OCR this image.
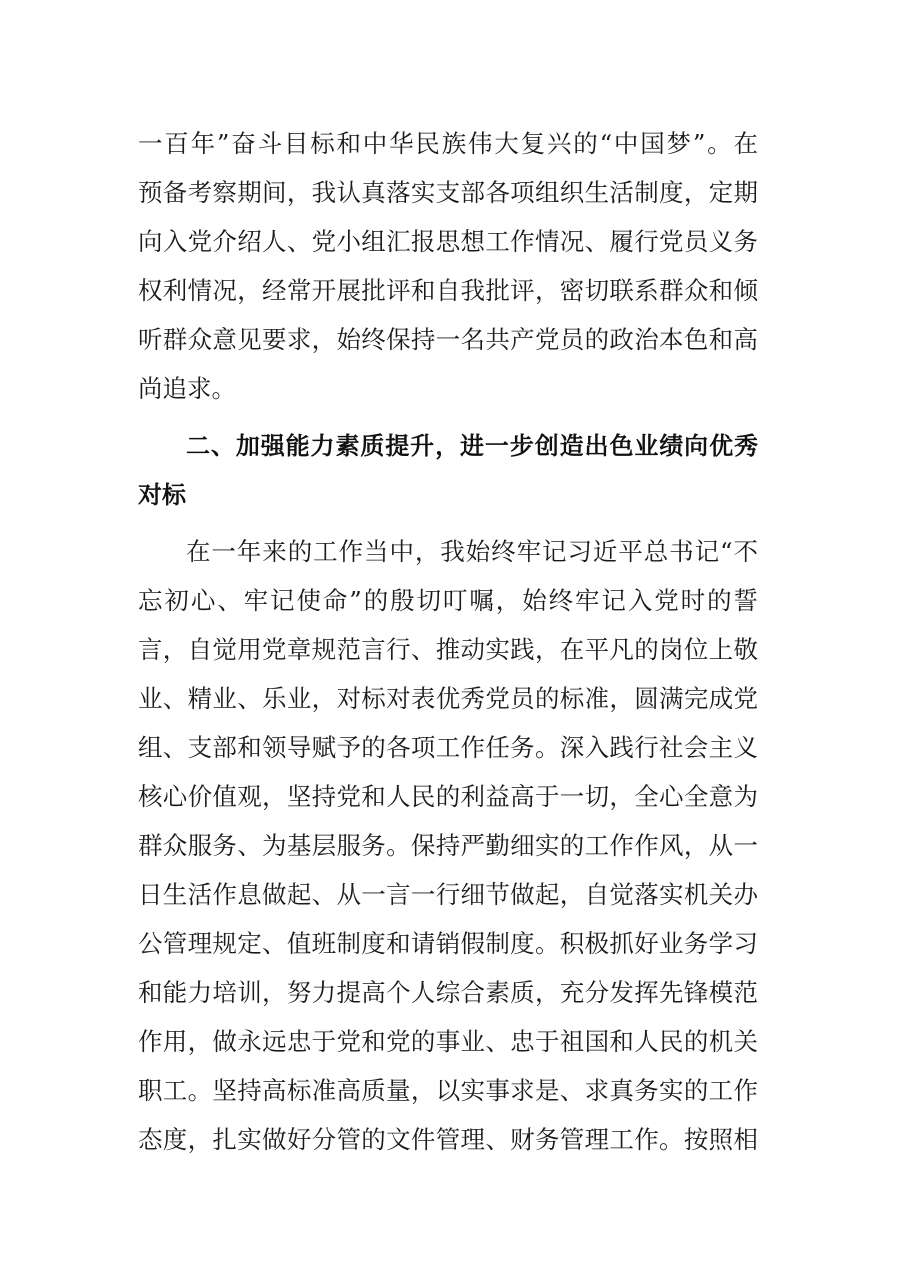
一百年”奋斗目标和中华民族伟大复兴的“中国梦”。在
预备考察期间，我认真落实支部各项组织生活制度，定期
向入党介绍人、党小组汇报思想工作情况、履行党员义务
权利情况，经常开展批评和自我批评，密切联系群众和倾
听群众意见要求，始终保持一名共产党员的政治本色和高
尚追求。
二、加强能力素质提升，进一步创造出色业绩向优秀
对标
在一年来的工作当中，我始终牢记习近平总书记“不
忘初心、牢记使命”的殷切叮嘱，始终牢记入党时的誓
言，自觉用党章规范言行、推动实践，在平凡的岗位上敬
业、精业、乐业，对标对表优秀党员的标准，圆满完成党
组、支部和领导赋予的各项工作任务。深入践行社会主义
核心价值观，坚持党和人民的利益高于一切，全心全意为
群众服务、为基层服务。保持严勤细实的工作作风，从一
日生活作息做起、从一言一行细节做起，自觉落实机关办
公管理规定、值班制度和请销假制度。积极抓好业务学习
和能力培训，努力提高个人综合素质，充分发挥先锋模范
作用，做永远忠于党和党的事业、忠于祖国和人民的机关
职工。坚持高标准高质量，以实事求是、求真务实的工作
态度，扎实做好分管的文件管理、财务管理工作。按照相
